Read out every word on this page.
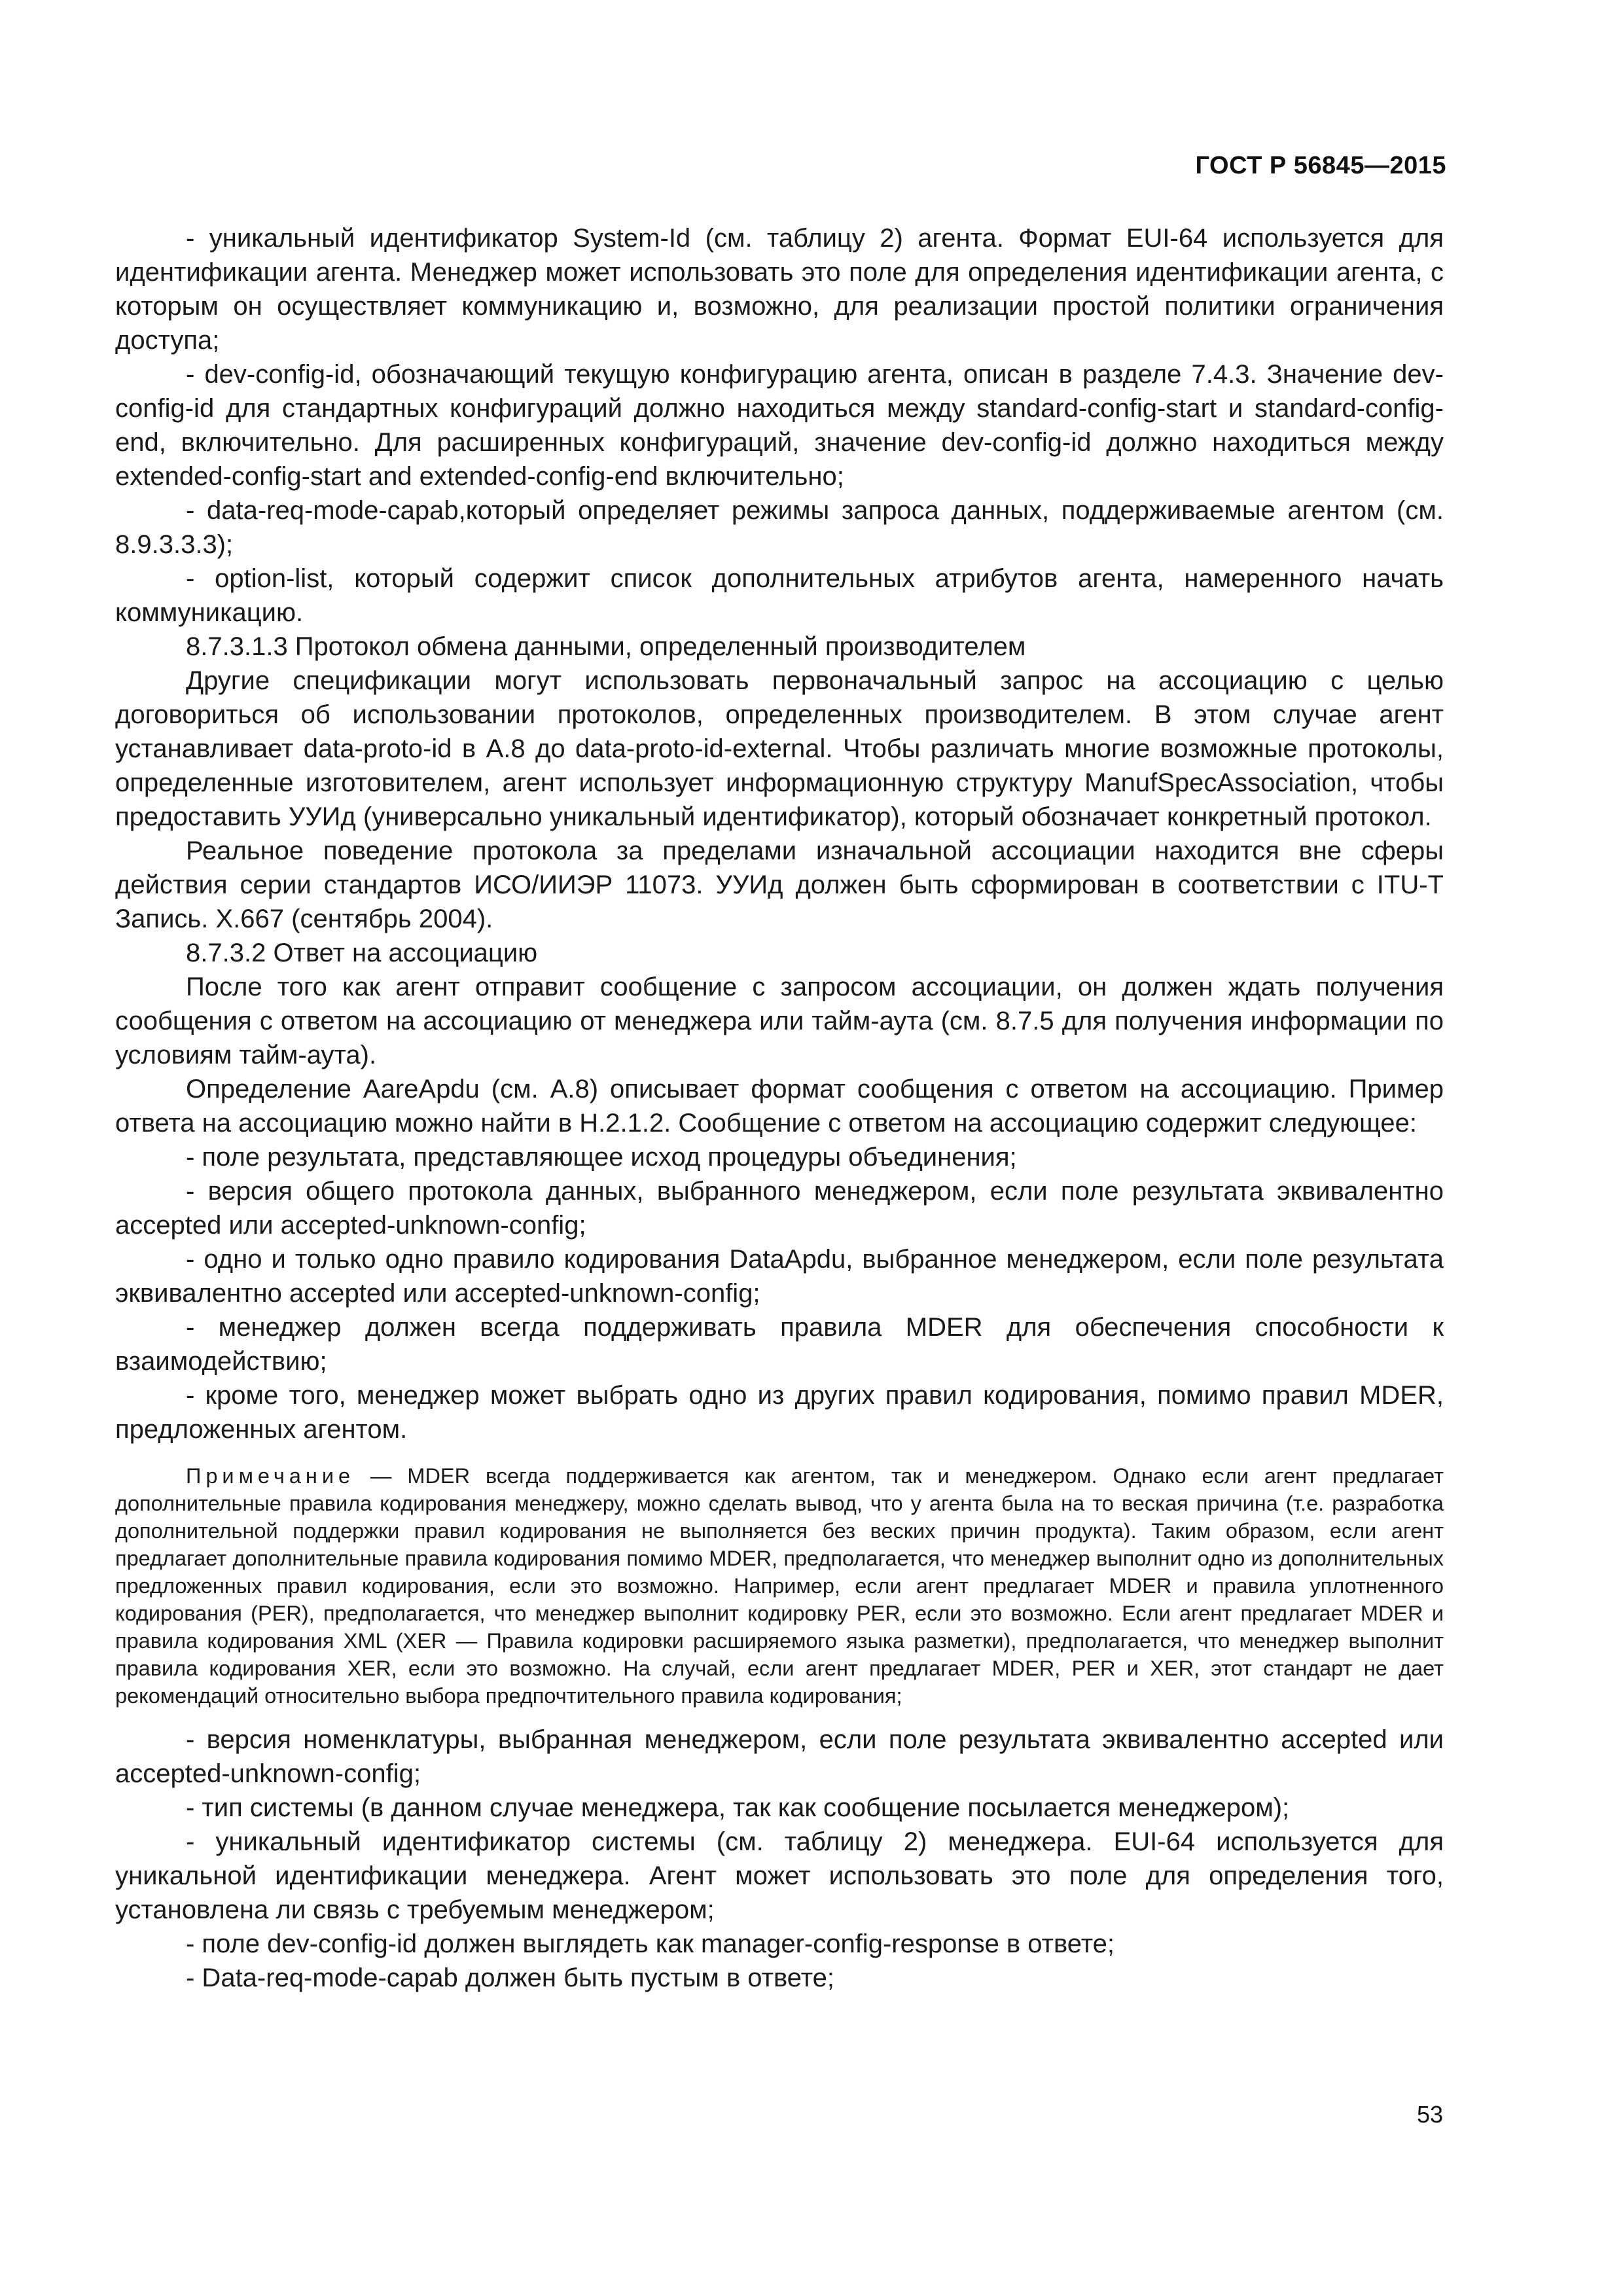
ГОСТ Р 56845—2015

- уникальный идентификатор System-Id (см. таблицу 2) агента. Формат EUI-64 используется для идентификации агента. Менеджер может использовать это поле для определения идентификации агента, с которым он осуществляет коммуникацию и, возможно, для реализации простой политики ограничения доступа;

- dev-config-id, обозначающий текущую конфигурацию агента, описан в разделе 7.4.3. Значение dev-config-id для стандартных конфигураций должно находиться между standard-config-start и standard-config-end, включительно. Для расширенных конфигураций, значение dev-config-id должно находиться между extended-config-start and extended-config-end включительно;

- data-req-mode-capab,который определяет режимы запроса данных, поддерживаемые агентом (см. 8.9.3.3.3);

- option-list, который содержит список дополнительных атрибутов агента, намеренного начать коммуникацию.

8.7.3.1.3 Протокол обмена данными, определенный производителем

Другие спецификации могут использовать первоначальный запрос на ассоциацию с целью договориться об использовании протоколов, определенных производителем. В этом случае агент устанавливает data-proto-id в А.8 до data-proto-id-external. Чтобы различать многие возможные протоколы, определенные изготовителем, агент использует информационную структуру ManufSpecAssociation, чтобы предоставить УУИд (универсально уникальный идентификатор), который обозначает конкретный протокол.

Реальное поведение протокола за пределами изначальной ассоциации находится вне сферы действия серии стандартов ИСО/ИИЭР 11073. УУИд должен быть сформирован в соответствии с ITU-T Запись. Х.667 (сентябрь 2004).

8.7.3.2 Ответ на ассоциацию

После того как агент отправит сообщение с запросом ассоциации, он должен ждать получения сообщения с ответом на ассоциацию от менеджера или тайм-аута (см. 8.7.5 для получения информации по условиям тайм-аута).

Определение AareApdu (см. А.8) описывает формат сообщения с ответом на ассоциацию. Пример ответа на ассоциацию можно найти в Н.2.1.2. Сообщение с ответом на ассоциацию содержит следующее:

- поле результата, представляющее исход процедуры объединения;

- версия общего протокола данных, выбранного менеджером, если поле результата эквивалентно accepted или accepted-unknown-config;

- одно и только одно правило кодирования DataApdu, выбранное менеджером, если поле результата эквивалентно accepted или accepted-unknown-config;

- менеджер должен всегда поддерживать правила MDER для обеспечения способности к взаимодействию;

- кроме того, менеджер может выбрать одно из других правил кодирования, помимо правил MDER, предложенных агентом.

Примечание — MDER всегда поддерживается как агентом, так и менеджером. Однако если агент предлагает дополнительные правила кодирования менеджеру, можно сделать вывод, что у агента была на то веская причина (т.е. разработка дополнительной поддержки правил кодирования не выполняется без веских причин продукта). Таким образом, если агент предлагает дополнительные правила кодирования помимо MDER, предполагается, что менеджер выполнит одно из дополнительных предложенных правил кодирования, если это возможно. Например, если агент предлагает MDER и правила уплотненного кодирования (PER), предполагается, что менеджер выполнит кодировку PER, если это возможно. Если агент предлагает MDER и правила кодирования XML (XER — Правила кодировки расширяемого языка разметки), предполагается, что менеджер выполнит правила кодирования XER, если это возможно. На случай, если агент предлагает MDER, PER и XER, этот стандарт не дает рекомендаций относительно выбора предпочтительного правила кодирования;

- версия номенклатуры, выбранная менеджером, если поле результата эквивалентно accepted или accepted-unknown-config;

- тип системы (в данном случае менеджера, так как сообщение посылается менеджером);

- уникальный идентификатор системы (см. таблицу 2) менеджера. EUI-64 используется для уникальной идентификации менеджера. Агент может использовать это поле для определения того, установлена ли связь с требуемым менеджером;

- поле dev-config-id должен выглядеть как manager-config-response в ответе;

- Data-req-mode-capab должен быть пустым в ответе;

53
